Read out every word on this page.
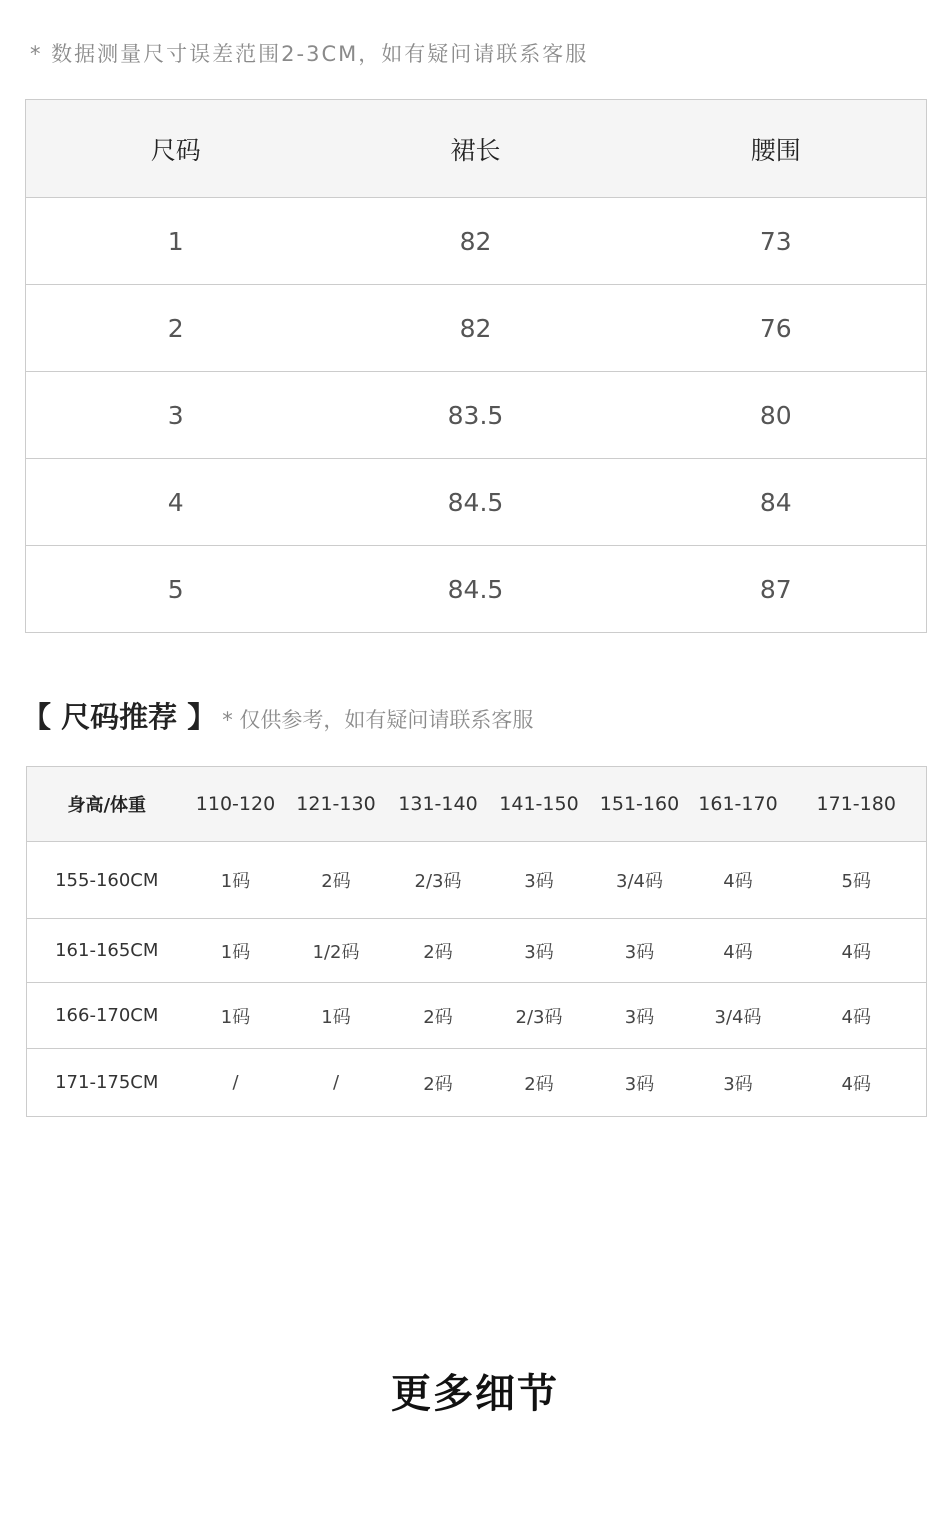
* 数据测量尺寸误差范围2-3CM，如有疑问请联系客服
尺码	裙长	腰围
1	82	73
2	82	76
3	83.5	80
4	84.5	84
5	84.5	87
【 尺码推荐 】 * 仅供参考，如有疑问请联系客服
身高/体重	110-120	121-130	131-140	141-150	151-160	161-170	171-180
155-160CM	1码	2码	2/3码	3码	3/4码	4码	5码
161-165CM	1码	1/2码	2码	3码	3码	4码	4码
166-170CM	1码	1码	2码	2/3码	3码	3/4码	4码
171-175CM	/	/	2码	2码	3码	3码	4码
更多细节
